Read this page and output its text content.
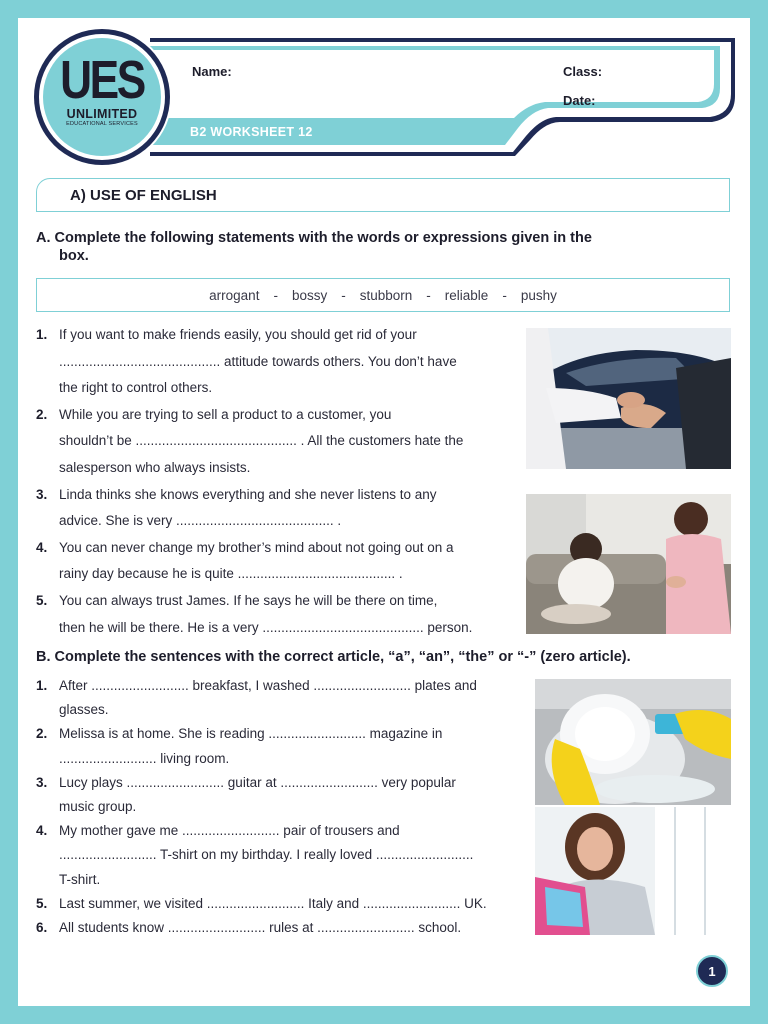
UES
UNLIMITED
EDUCATIONAL SERVICES
Name:	Class:
Date:
B2 WORKSHEET 12
A) USE OF ENGLISH
A. Complete the following statements with the words or expressions given in the
box.
arrogant - bossy - stubborn - reliable - pushy
1. If you want to make friends easily, you should get rid of your
........................................... attitude towards others. You don’t have
the right to control others.
2. While you are trying to sell a product to a customer, you
shouldn’t be ........................................... . All the customers hate the
salesperson who always insists.
3. Linda thinks she knows everything and she never listens to any
advice. She is very .......................................... .
4. You can never change my brother’s mind about not going out on a
rainy day because he is quite .......................................... .
5. You can always trust James. If he says he will be there on time,
then he will be there. He is a very ........................................... person.
B. Complete the sentences with the correct article, “a”, “an”, “the” or “-” (zero article).
1. After .......................... breakfast, I washed .......................... plates and
glasses.
2. Melissa is at home. She is reading .......................... magazine in
.......................... living room.
3. Lucy plays .......................... guitar at .......................... very popular
music group.
4. My mother gave me .......................... pair of trousers and
.......................... T-shirt on my birthday. I really loved ..........................
T-shirt.
5. Last summer, we visited .......................... Italy and .......................... UK.
6. All students know .......................... rules at .......................... school.
1
